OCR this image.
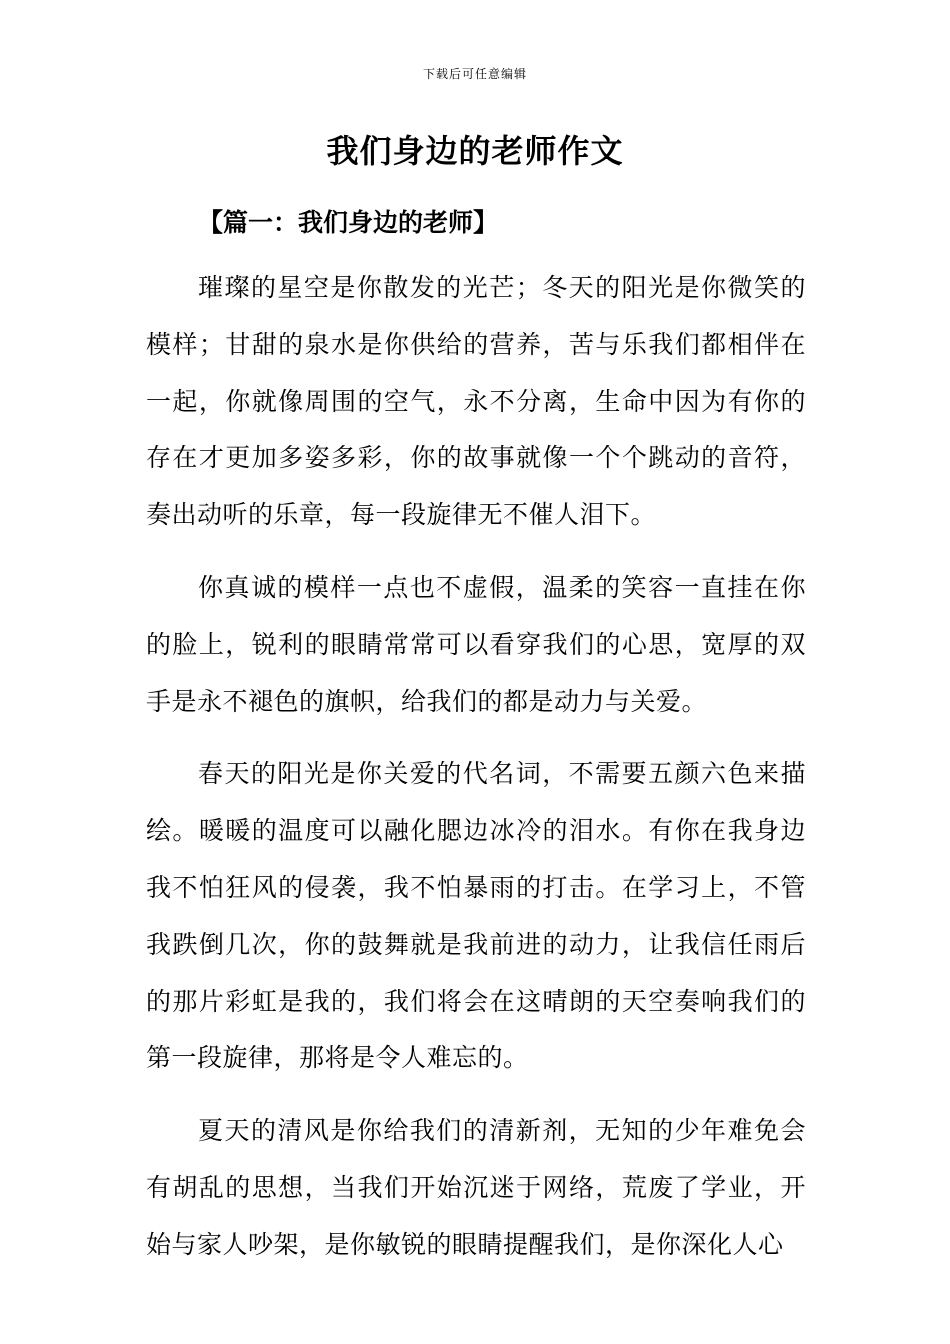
下载后可任意编辑
我们身边的老师作文
【篇一：我们身边的老师】

璀璨的星空是你散发的光芒；冬天的阳光是你微笑的模样；甘甜的泉水是你供给的营养，苦与乐我们都相伴在一起，你就像周围的空气，永不分离，生命中因为有你的存在才更加多姿多彩，你的故事就像一个个跳动的音符，奏出动听的乐章，每一段旋律无不催人泪下。

你真诚的模样一点也不虚假，温柔的笑容一直挂在你的脸上，锐利的眼睛常常可以看穿我们的心思，宽厚的双手是永不褪色的旗帜，给我们的都是动力与关爱。

春天的阳光是你关爱的代名词，不需要五颜六色来描绘。暖暖的温度可以融化腮边冰冷的泪水。有你在我身边我不怕狂风的侵袭，我不怕暴雨的打击。在学习上，不管我跌倒几次，你的鼓舞就是我前进的动力，让我信任雨后的那片彩虹是我的，我们将会在这晴朗的天空奏响我们的第一段旋律，那将是令人难忘的。

夏天的清风是你给我们的清新剂，无知的少年难免会有胡乱的思想，当我们开始沉迷于网络，荒废了学业，开始与家人吵架，是你敏锐的眼睛提醒我们，是你深化人心
